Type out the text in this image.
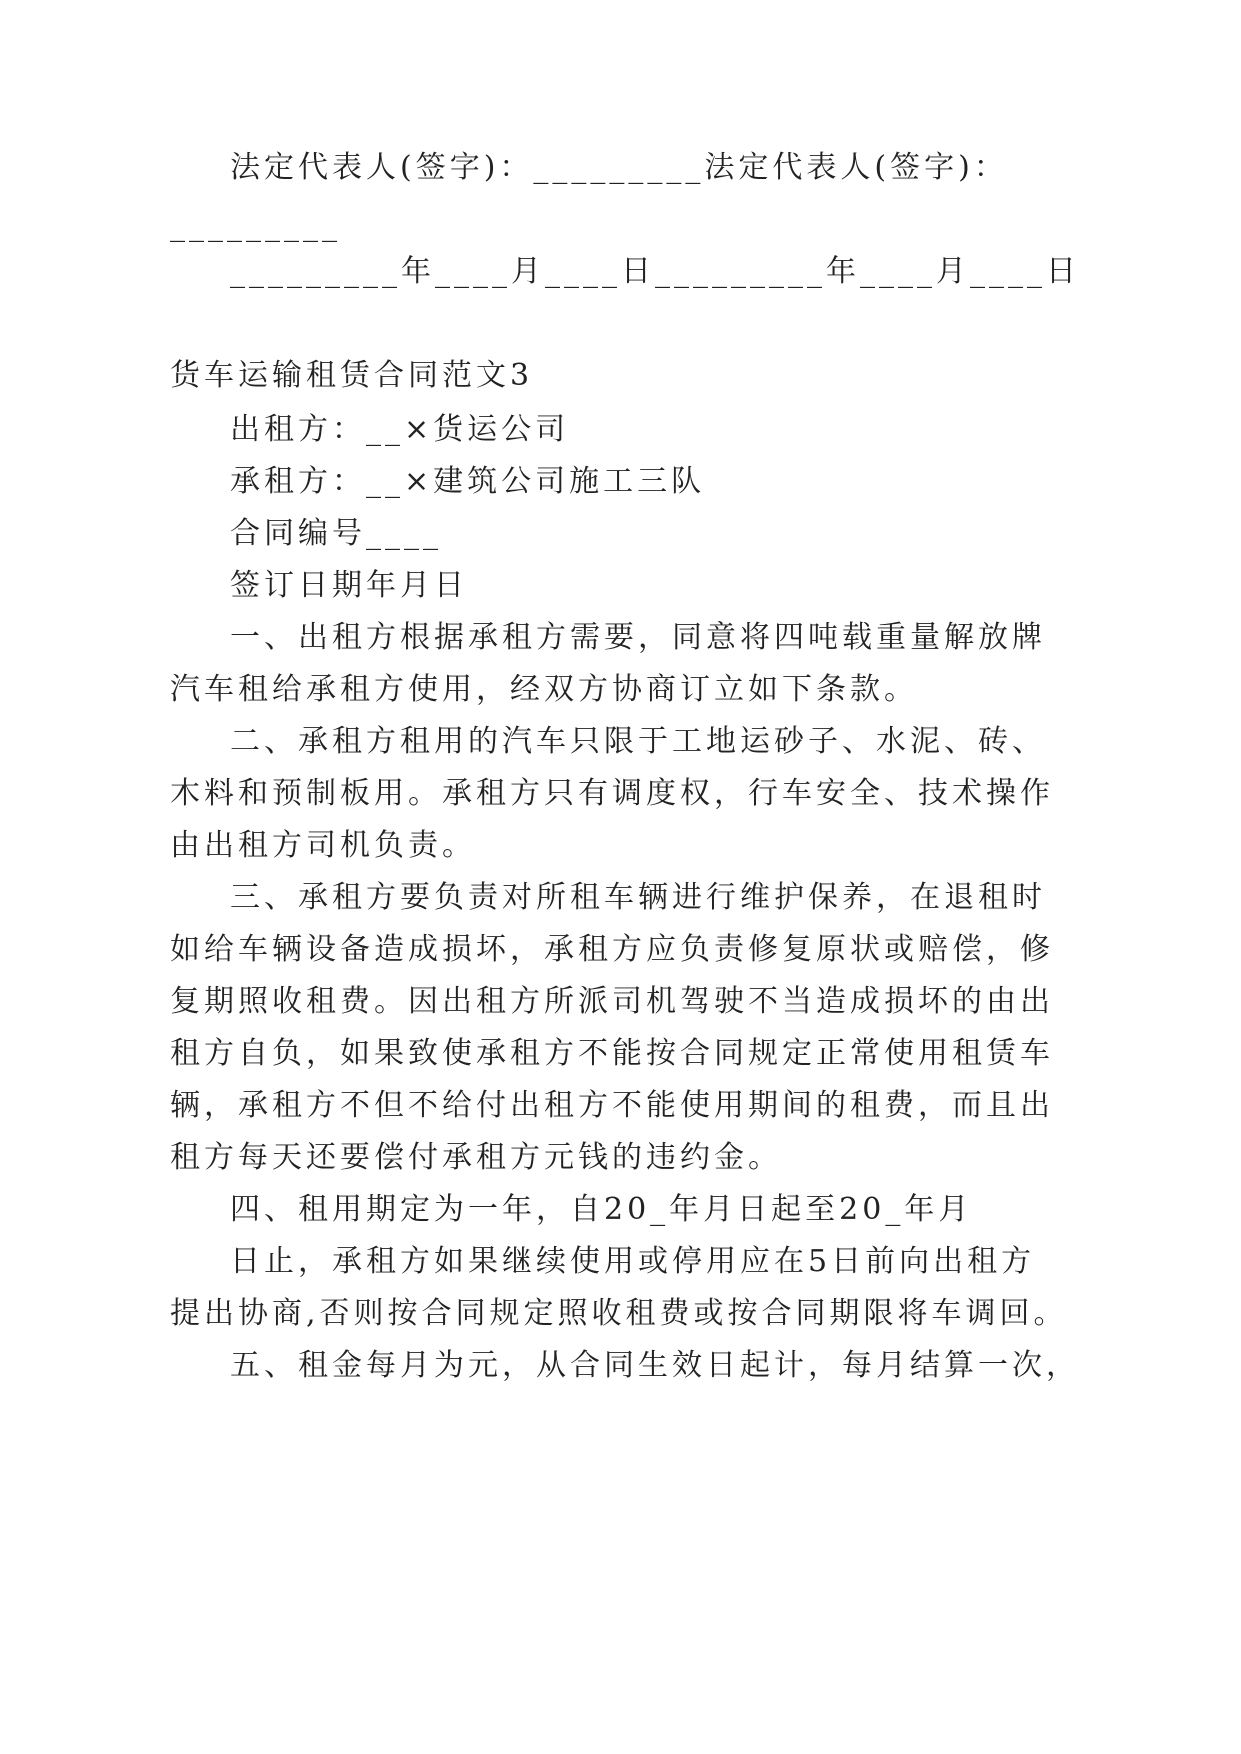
法定代表人(签字)：_________法定代表人(签字)：
_________
_________年____月____日_________年____月____日
货车运输租赁合同范文3
出租方：__×货运公司
承租方：__×建筑公司施工三队
合同编号____
签订日期年月日
一、出租方根据承租方需要，同意将四吨载重量解放牌
汽车租给承租方使用，经双方协商订立如下条款。
二、承租方租用的汽车只限于工地运砂子、水泥、砖、
木料和预制板用。承租方只有调度权，行车安全、技术操作
由出租方司机负责。
三、承租方要负责对所租车辆进行维护保养，在退租时
如给车辆设备造成损坏，承租方应负责修复原状或赔偿，修
复期照收租费。因出租方所派司机驾驶不当造成损坏的由出
租方自负，如果致使承租方不能按合同规定正常使用租赁车
辆，承租方不但不给付出租方不能使用期间的租费，而且出
租方每天还要偿付承租方元钱的违约金。
四、租用期定为一年，自20_年月日起至20_年月
日止，承租方如果继续使用或停用应在5日前向出租方
提出协商,否则按合同规定照收租费或按合同期限将车调回。
五、租金每月为元，从合同生效日起计，每月结算一次，
